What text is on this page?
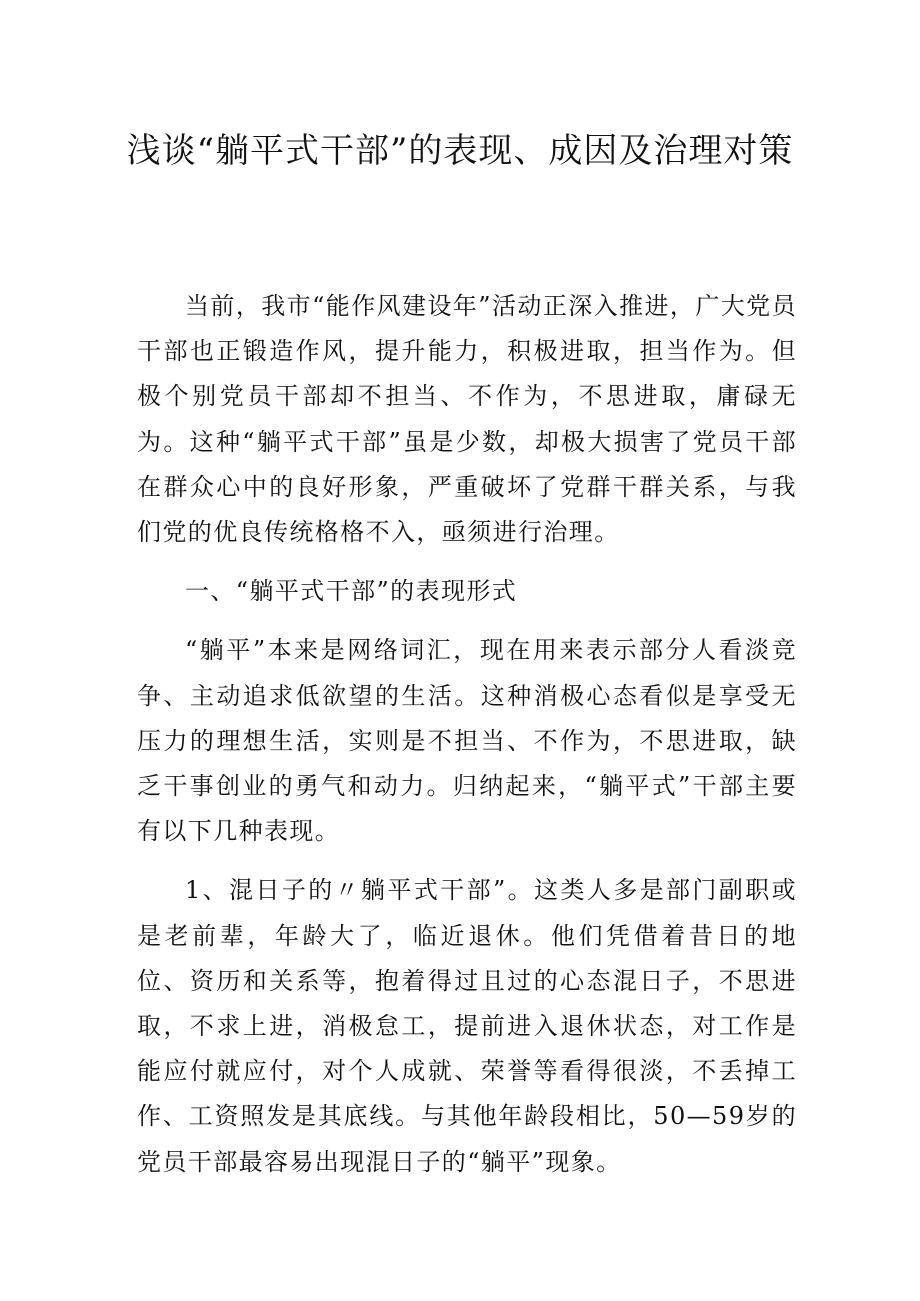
浅谈“躺平式干部”的表现、成因及治理对策

当前，我市“能作风建设年”活动正深入推进，广大党员干部也正锻造作风，提升能力，积极进取，担当作为。但极个别党员干部却不担当、不作为，不思进取，庸碌无为。这种“躺平式干部”虽是少数，却极大损害了党员干部在群众心中的良好形象，严重破坏了党群干群关系，与我们党的优良传统格格不入，亟须进行治理。

一、“躺平式干部”的表现形式

“躺平”本来是网络词汇，现在用来表示部分人看淡竞争、主动追求低欲望的生活。这种消极心态看似是享受无压力的理想生活，实则是不担当、不作为，不思进取，缺乏干事创业的勇气和动力。归纳起来，“躺平式”干部主要有以下几种表现。

1、混日子的〃躺平式干部”。这类人多是部门副职或是老前辈，年龄大了，临近退休。他们凭借着昔日的地位、资历和关系等，抱着得过且过的心态混日子，不思进取，不求上进，消极怠工，提前进入退休状态，对工作是能应付就应付，对个人成就、荣誉等看得很淡，不丢掉工作、工资照发是其底线。与其他年龄段相比，50—59岁的党员干部最容易出现混日子的“躺平”现象。
